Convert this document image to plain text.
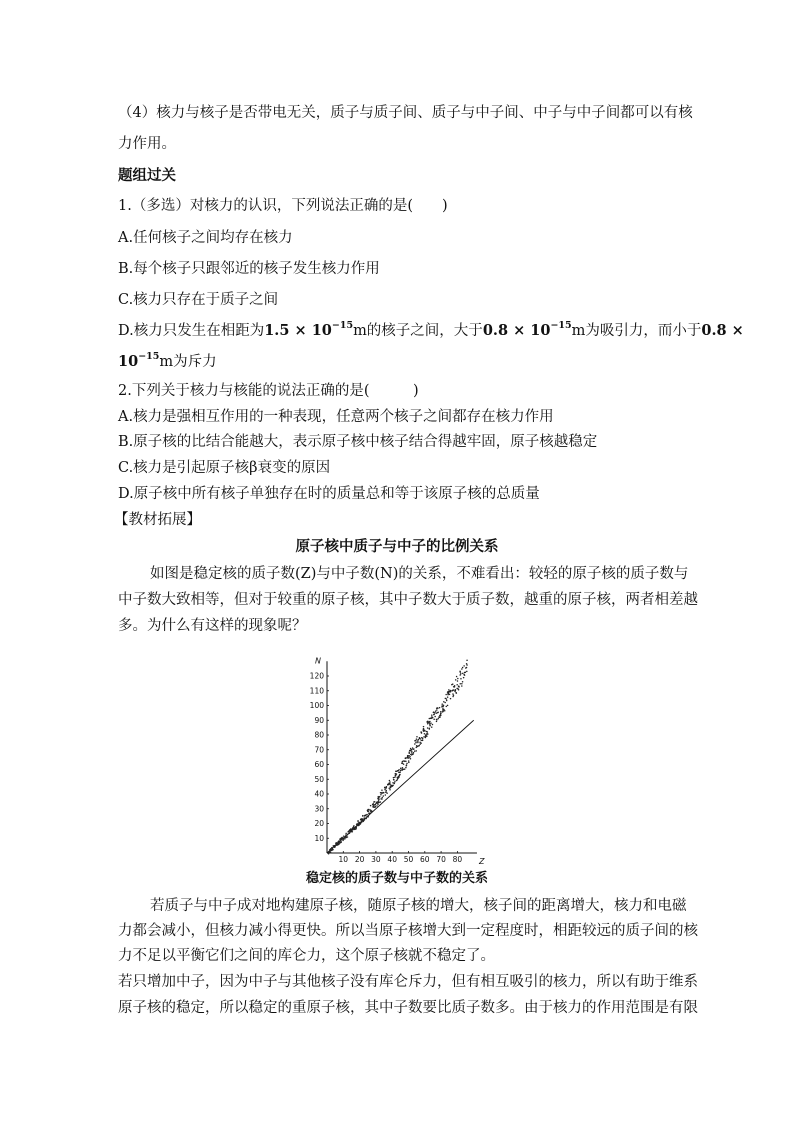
（4）核力与核子是否带电无关，质子与质子间、质子与中子间、中子与中子间都可以有核
力作用。
题组过关
1.（多选）对核力的认识，下列说法正确的是(　　)
A.任何核子之间均存在核力
B.每个核子只跟邻近的核子发生核力作用
C.核力只存在于质子之间
D.核力只发生在相距为$1.5 \times 10^{-15}m$的核子之间，大于$0.8 \times 10^{-15}m$为吸引力，而小于0.8 ×
$10^{-15}m$为斥力
2.下列关于核力与核能的说法正确的是(　　　)
A.核力是强相互作用的一种表现，任意两个核子之间都存在核力作用
B.原子核的比结合能越大，表示原子核中核子结合得越牢固，原子核越稳定
C.核力是引起原子核β衰变的原因
D.原子核中所有核子单独存在时的质量总和等于该原子核的总质量
【教材拓展】
原子核中质子与中子的比例关系
如图是稳定核的质子数(Z)与中子数(N)的关系，不难看出：较轻的原子核的质子数与
中子数大致相等，但对于较重的原子核，其中子数大于质子数，越重的原子核，两者相差越
多。为什么有这样的现象呢？
Z
N
10 20 30 40 50 60 70 80
10
20
30
40
50
60
70
80
90
100
110
120
稳定核的质子数与中子数的关系
若质子与中子成对地构建原子核，随原子核的增大，核子间的距离增大，核力和电磁
力都会减小，但核力减小得更快。所以当原子核增大到一定程度时，相距较远的质子间的核
力不足以平衡它们之间的库仑力，这个原子核就不稳定了。
若只增加中子，因为中子与其他核子没有库仑斥力，但有相互吸引的核力，所以有助于维系
原子核的稳定，所以稳定的重原子核，其中子数要比质子数多。由于核力的作用范围是有限
